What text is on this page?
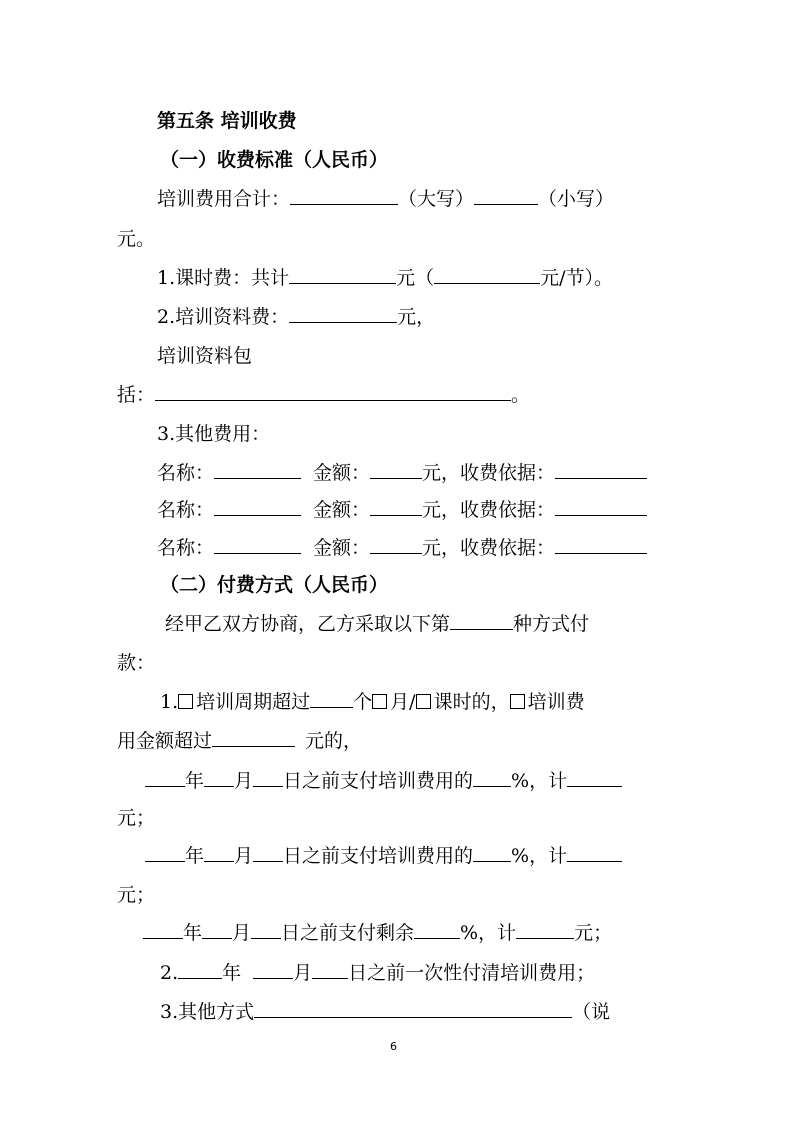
第五条 培训收费
（一）收费标准（人民币）
培训费用合计：	（大写）	（小写）
元。
1.课时费：共计	元（	元/节）。
2.培训资料费：	元，
培训资料包
括：	。
3.其他费用：
名称：	金额：	元，收费依据：
名称：	金额：	元，收费依据：
名称：	金额：	元，收费依据：
（二）付费方式（人民币）
经甲乙双方协商，乙方采取以下第	种方式付
款：
1. 培训周期超过 个 月/ 课时的， 培训费
用金额超过	元的，
年 月 日之前支付培训费用的 %，计
元；
年 月 日之前支付培训费用的 %，计
元；
年 月 日之前支付剩余 %，计	元；
2. 年	月 日之前一次性付清培训费用；
3.其他方式	（说
6
